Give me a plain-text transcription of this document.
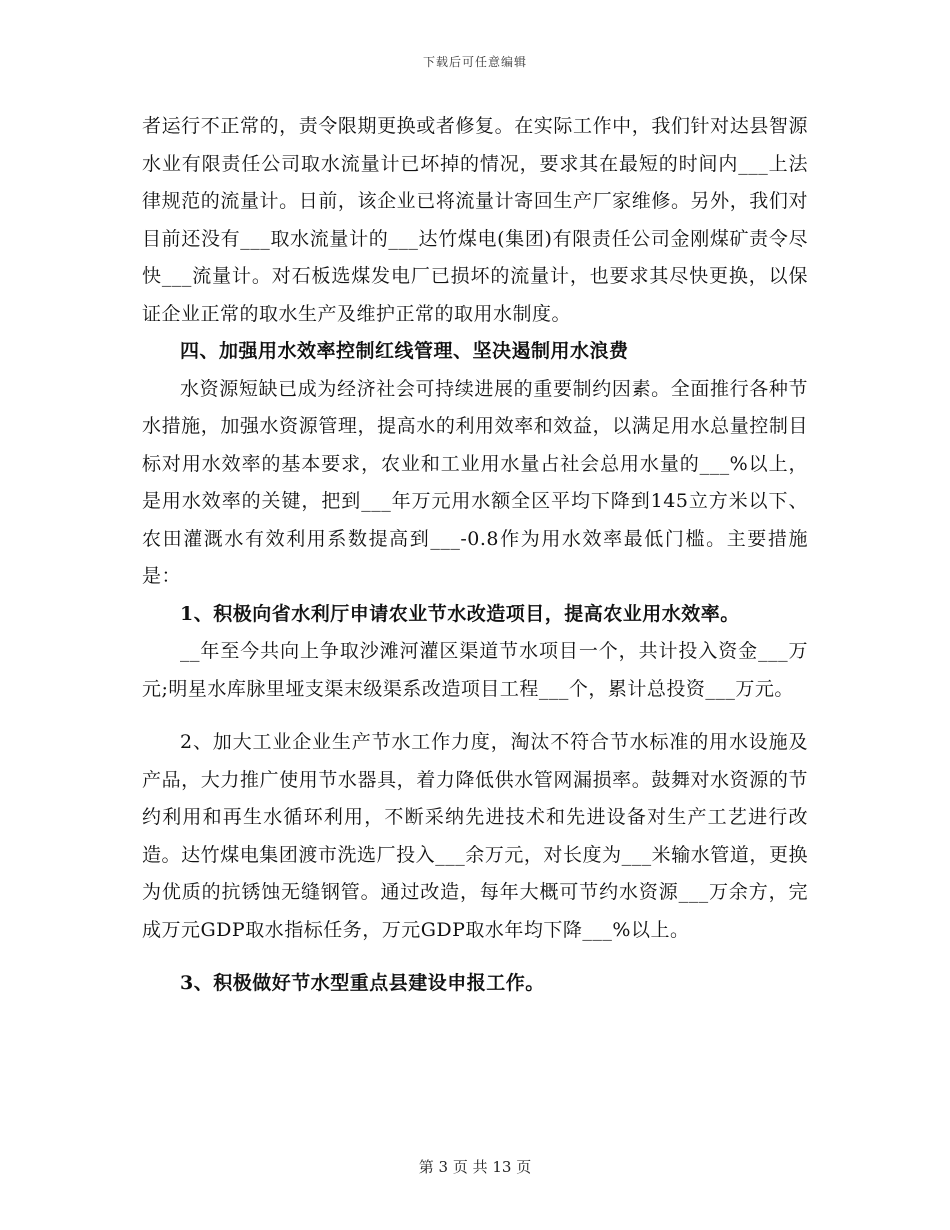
下载后可任意编辑

者运行不正常的，责令限期更换或者修复。在实际工作中，我们针对达县智源水业有限责任公司取水流量计已坏掉的情况，要求其在最短的时间内___上法律规范的流量计。日前，该企业已将流量计寄回生产厂家维修。另外，我们对目前还没有___取水流量计的___达竹煤电(集团)有限责任公司金刚煤矿责令尽快___流量计。对石板选煤发电厂已损坏的流量计，也要求其尽快更换，以保证企业正常的取水生产及维护正常的取用水制度。

四、加强用水效率控制红线管理、坚决遏制用水浪费

水资源短缺已成为经济社会可持续进展的重要制约因素。全面推行各种节水措施，加强水资源管理，提高水的利用效率和效益，以满足用水总量控制目标对用水效率的基本要求，农业和工业用水量占社会总用水量的___%以上，是用水效率的关键，把到___年万元用水额全区平均下降到145立方米以下、农田灌溉水有效利用系数提高到___-0.8作为用水效率最低门槛。主要措施是：

1、积极向省水利厅申请农业节水改造项目，提高农业用水效率。

__年至今共向上争取沙滩河灌区渠道节水项目一个，共计投入资金___万元;明星水库脉里垭支渠末级渠系改造项目工程___个，累计总投资___万元。

2、加大工业企业生产节水工作力度，淘汰不符合节水标准的用水设施及产品，大力推广使用节水器具，着力降低供水管网漏损率。鼓舞对水资源的节约利用和再生水循环利用，不断采纳先进技术和先进设备对生产工艺进行改造。达竹煤电集团渡市洗选厂投入___余万元，对长度为___米输水管道，更换为优质的抗锈蚀无缝钢管。通过改造，每年大概可节约水资源___万余方，完成万元GDP取水指标任务，万元GDP取水年均下降___%以上。

3、积极做好节水型重点县建设申报工作。

第 3 页 共 13 页
